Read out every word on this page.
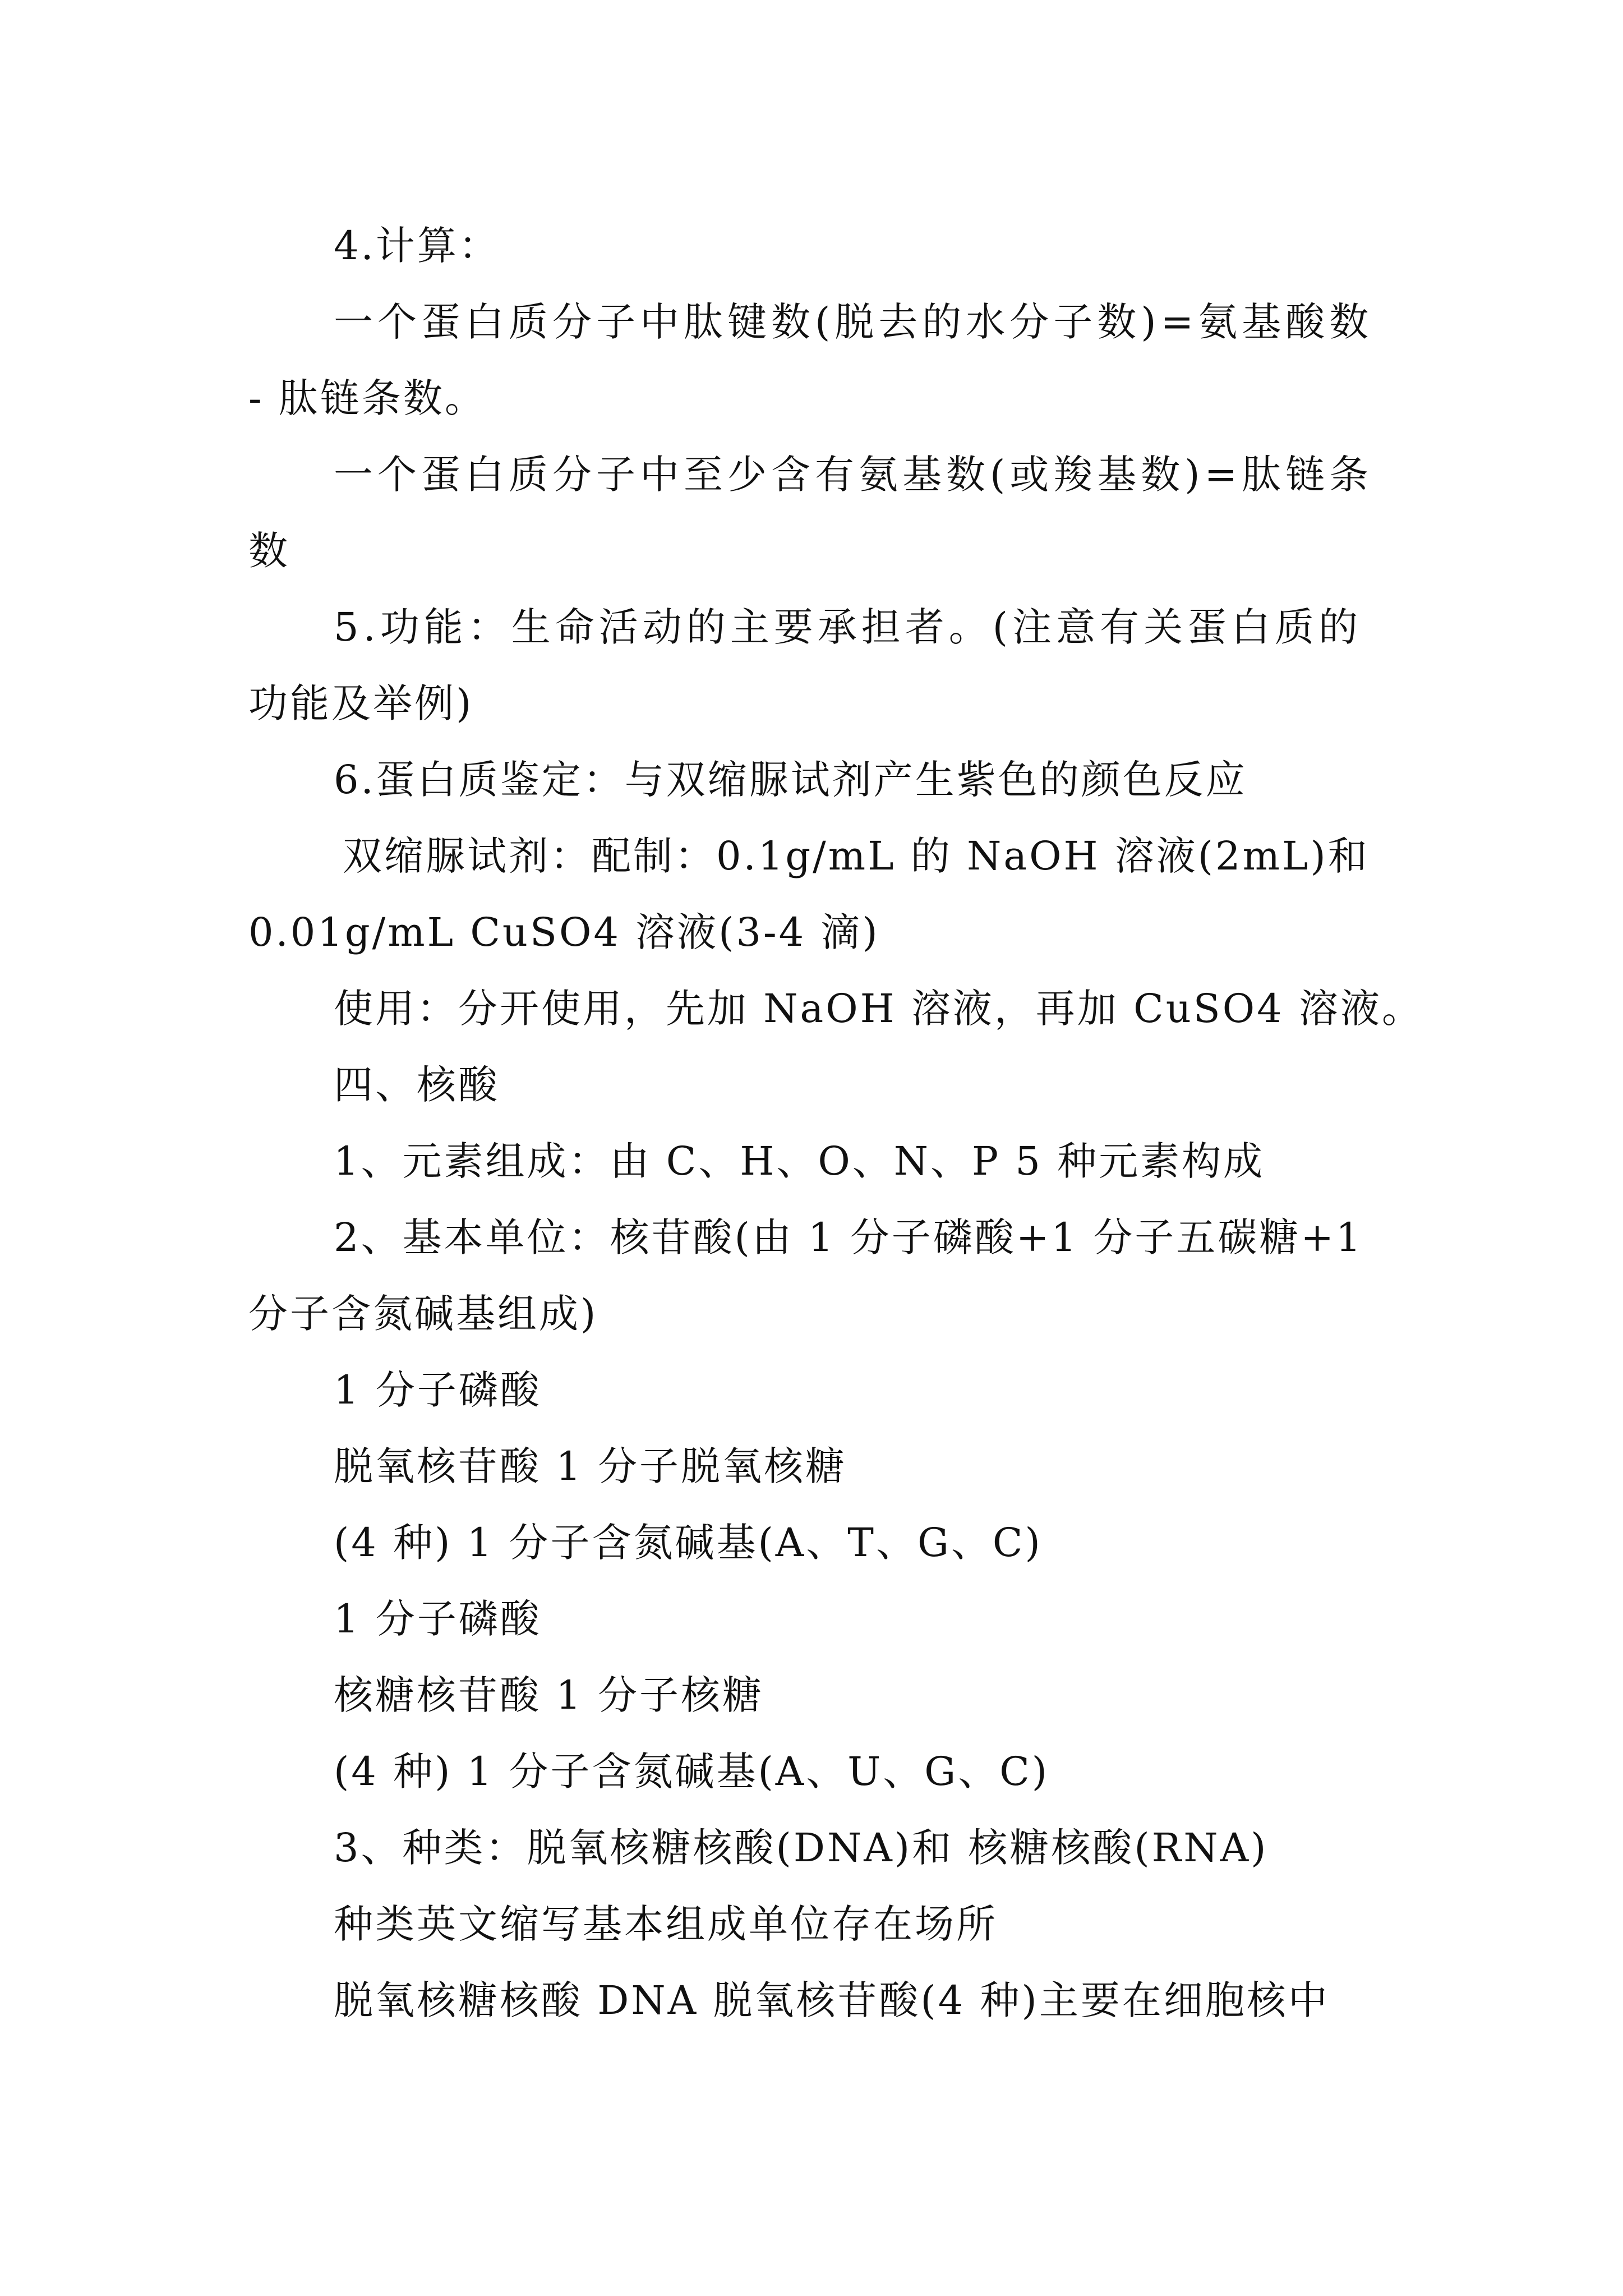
4.计算：
一个蛋白质分子中肽键数(脱去的水分子数)=氨基酸数
- 肽链条数。
一个蛋白质分子中至少含有氨基数(或羧基数)=肽链条
数
5.功能：生命活动的主要承担者。(注意有关蛋白质的
功能及举例)
6.蛋白质鉴定：与双缩脲试剂产生紫色的颜色反应
双缩脲试剂：配制：0.1g/mL 的 NaOH 溶液(2mL)和
0.01g/mL CuSO4 溶液(3-4 滴)
使用：分开使用，先加 NaOH 溶液，再加 CuSO4 溶液。
四、核酸
1、元素组成：由 C、H、O、N、P 5 种元素构成
2、基本单位：核苷酸(由 1 分子磷酸+1 分子五碳糖+1
分子含氮碱基组成)
1 分子磷酸
脱氧核苷酸 1 分子脱氧核糖
(4 种) 1 分子含氮碱基(A、T、G、C)
1 分子磷酸
核糖核苷酸 1 分子核糖
(4 种) 1 分子含氮碱基(A、U、G、C)
3、种类：脱氧核糖核酸(DNA)和 核糖核酸(RNA)
种类英文缩写基本组成单位存在场所
脱氧核糖核酸 DNA 脱氧核苷酸(4 种)主要在细胞核中
